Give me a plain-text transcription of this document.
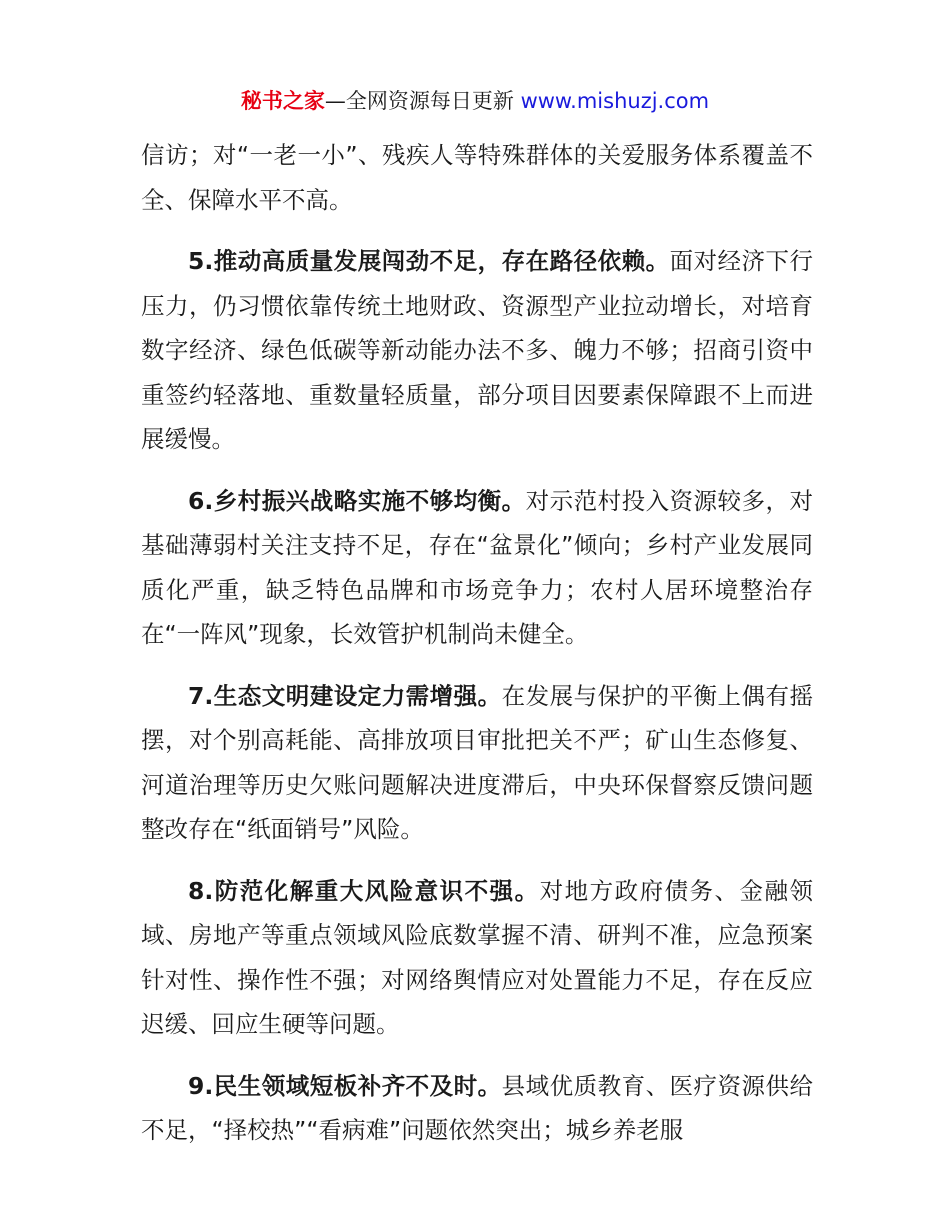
秘书之家—全网资源每日更新 www.mishuzj.com

信访；对“一老一小”、残疾人等特殊群体的关爱服务体系覆盖不全、保障水平不高。

5.推动高质量发展闯劲不足，存在路径依赖。面对经济下行压力，仍习惯依靠传统土地财政、资源型产业拉动增长，对培育数字经济、绿色低碳等新动能办法不多、魄力不够；招商引资中重签约轻落地、重数量轻质量，部分项目因要素保障跟不上而进展缓慢。

6.乡村振兴战略实施不够均衡。对示范村投入资源较多，对基础薄弱村关注支持不足，存在“盆景化”倾向；乡村产业发展同质化严重，缺乏特色品牌和市场竞争力；农村人居环境整治存在“一阵风”现象，长效管护机制尚未健全。

7.生态文明建设定力需增强。在发展与保护的平衡上偶有摇摆，对个别高耗能、高排放项目审批把关不严；矿山生态修复、河道治理等历史欠账问题解决进度滞后，中央环保督察反馈问题整改存在“纸面销号”风险。

8.防范化解重大风险意识不强。对地方政府债务、金融领域、房地产等重点领域风险底数掌握不清、研判不准，应急预案针对性、操作性不强；对网络舆情应对处置能力不足，存在反应迟缓、回应生硬等问题。

9.民生领域短板补齐不及时。县域优质教育、医疗资源供给不足，“择校热”“看病难”问题依然突出；城乡养老服
